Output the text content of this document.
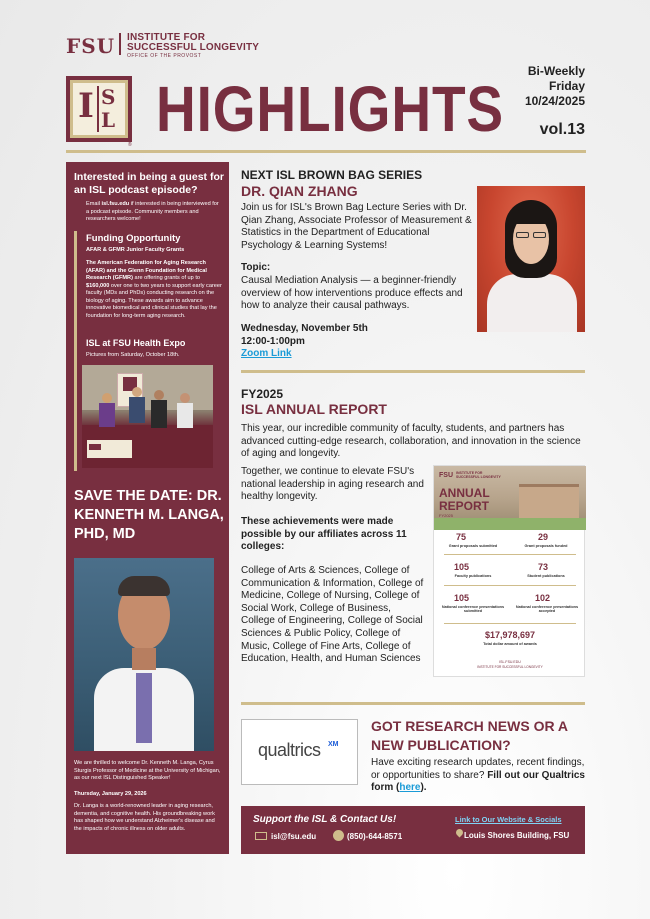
FSU INSTITUTE FOR
SUCCESSFUL LONGEVITY
OFFICE OF THE PROVOST
I S
L
® HIGHLIGHTS
Bi-Weekly
Friday
10/24/2025
vol.13
Interested in being a guest for an ISL podcast episode?
Email isl.fsu.edu if interested in being interviewed for a podcast episode. Community members and researchers welcome!
Funding Opportunity
AFAR & GFMR Junior Faculty Grants
The American Federation for Aging Research (AFAR) and the Glenn Foundation for Medical Research (GFMR) are offering grants of up to $160,000 over one to two years to support early career faculty (MDs and PhDs) conducting research on the biology of aging. These awards aim to advance innovative biomedical and clinical studies that lay the foundation for long-term aging research.
ISL at FSU Health Expo
Pictures from Saturday, October 18th.
SAVE THE DATE: DR. KENNETH M. LANGA, PHD, MD
We are thrilled to welcome Dr. Kenneth M. Langa, Cyrus Sturgis Professor of Medicine at the University of Michigan, as our next ISL Distinguished Speaker!
Thursday, January 29, 2026
Dr. Langa is a world-renowned leader in aging research, dementia, and cognitive health. His groundbreaking work has shaped how we understand Alzheimer's disease and the impacts of chronic illness on older adults.
NEXT ISL BROWN BAG SERIES
DR. QIAN ZHANG
Join us for ISL's Brown Bag Lecture Series with Dr. Qian Zhang, Associate Professor of Measurement & Statistics in the Department of Educational Psychology & Learning Systems!
Topic:
Causal Mediation Analysis — a beginner-friendly overview of how interventions produce effects and how to analyze their causal pathways.
Wednesday, November 5th
12:00-1:00pm
Zoom Link
FY2025
ISL ANNUAL REPORT
This year, our incredible community of faculty, students, and partners has advanced cutting-edge research, collaboration, and innovation in the science of aging and longevity.
Together, we continue to elevate FSU's national leadership in aging research and healthy longevity.
These achievements were made possible by our affiliates across 11 colleges:
College of Arts & Sciences, College of Communication & Information, College of Medicine, College of Nursing, College of Social Work, College of Business, College of Engineering, College of Social Sciences & Public Policy, College of Music, College of Fine Arts, College of Education, Health, and Human Sciences
FSU INSTITUTE FOR
SUCCESSFUL LONGEVITY
ANNUAL
REPORT
FY2025
75
Grant proposals submitted
29
Grant proposals funded
105
Faculty publications
73
Student publications
105
National conference presentations submitted
102
National conference presentations accepted
$17,978,697
Total dollar amount of awards
ISL.FSU.EDU
INSTITUTE FOR SUCCESSFUL LONGEVITY
qualtrics XM
GOT RESEARCH NEWS OR A NEW PUBLICATION?
Have exciting research updates, recent findings, or opportunities to share? Fill out our Qualtrics form (here).
Support the ISL & Contact Us!	Link to Our Website & Socials
isl@fsu.edu	(850)-644-8571	Louis Shores Building, FSU
